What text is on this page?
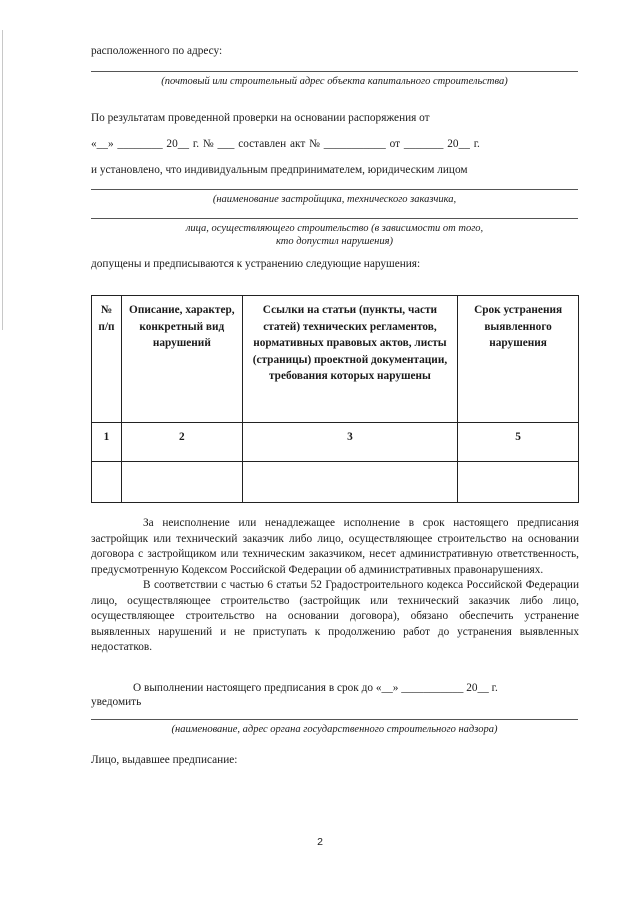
расположенного по адресу:
(почтовый или строительный адрес объекта капитального строительства)
По результатам проведенной проверки на основании распоряжения от
«__» ________ 20__ г. № ___ составлен акт № ___________ от _______ 20__ г.
и установлено, что индивидуальным предпринимателем, юридическим лицом
(наименование застройщика, технического заказчика,
лица, осуществляющего строительство (в зависимости от того,
кто допустил нарушения)
допущены и предписываются к устранению следующие нарушения:
№ п/п	Описание, характер, конкретный вид нарушений	Ссылки на статьи (пункты, части статей) технических регламентов, нормативных правовых актов, листы (страницы) проектной документации, требования которых нарушены	Срок устранения выявленного нарушения
1	2	3	5

За неисполнение или ненадлежащее исполнение в срок настоящего предписания застройщик или технический заказчик либо лицо, осуществляющее строительство на основании договора с застройщиком или техническим заказчиком, несет административную ответственность, предусмотренную Кодексом Российской Федерации об административных правонарушениях.

В соответствии с частью 6 статьи 52 Градостроительного кодекса Российской Федерации лицо, осуществляющее строительство (застройщик или технический заказчик либо лицо, осуществляющее строительство на основании договора), обязано обеспечить устранение выявленных нарушений и не приступать к продолжению работ до устранения выявленных недостатков.

О выполнении настоящего предписания в срок до «__» ___________ 20__ г.
уведомить
(наименование, адрес органа государственного строительного надзора)
Лицо, выдавшее предписание:
2
